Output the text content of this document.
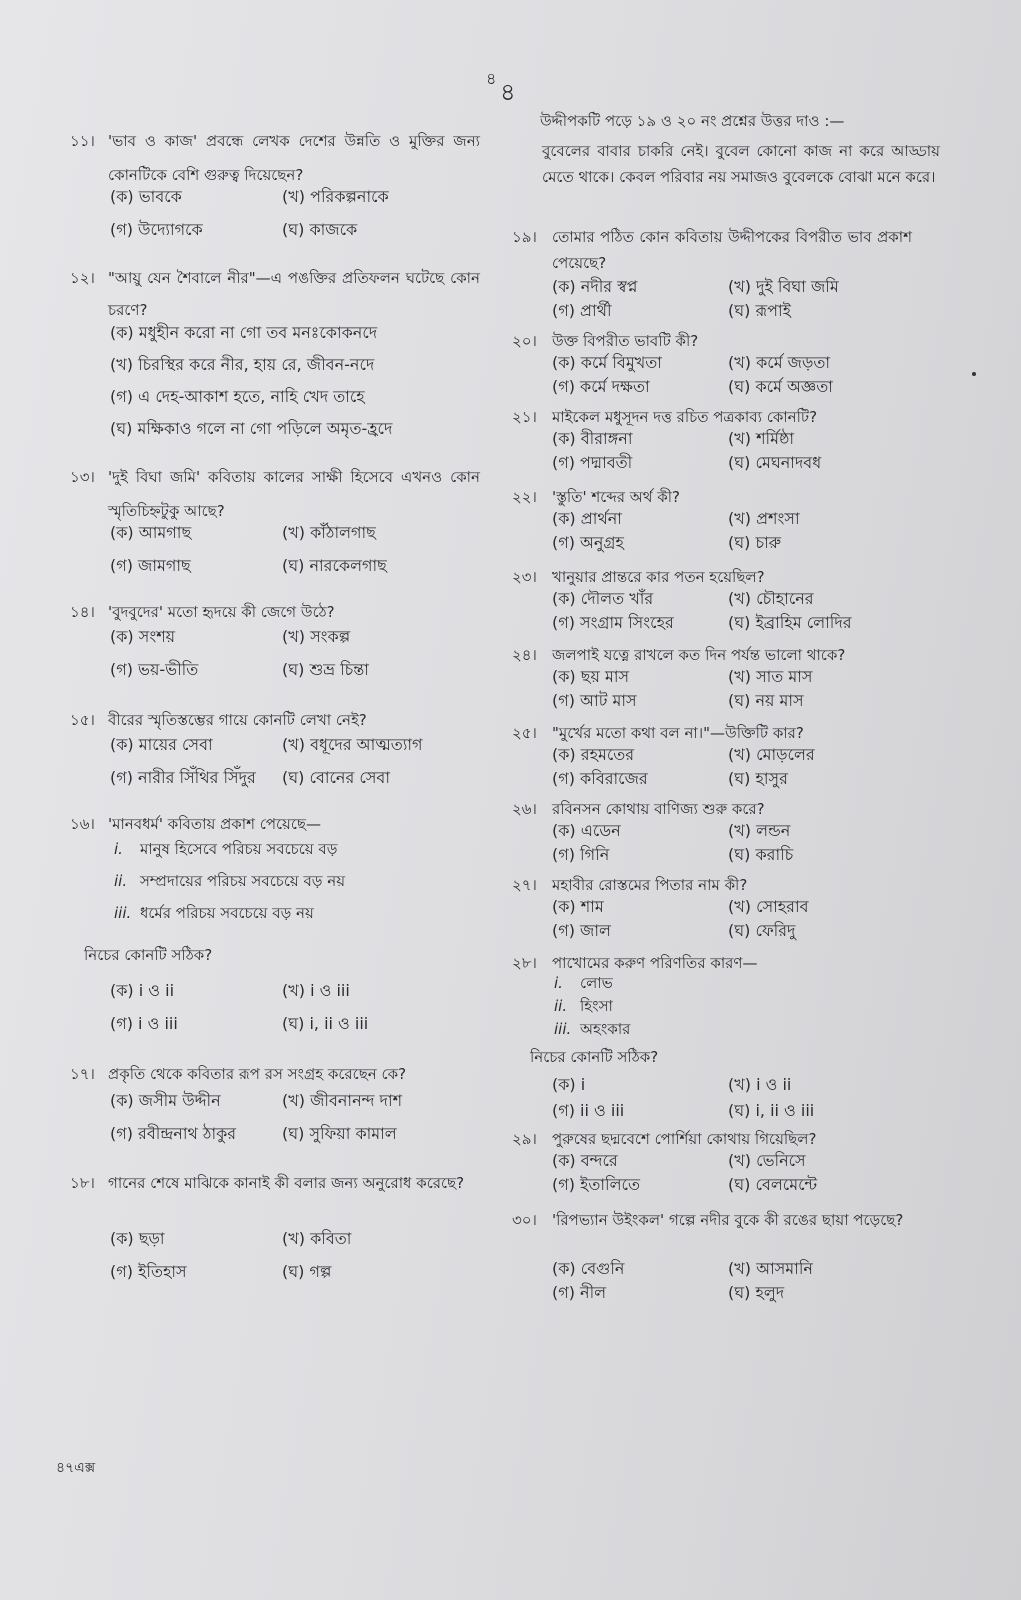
৪ ৪
১১। 'ভাব ও কাজ' প্রবন্ধে লেখক দেশের উন্নতি ও মুক্তির জন্য কোনটিকে বেশি গুরুত্ব দিয়েছেন?
(ক) ভাবকে	(খ) পরিকল্পনাকে
(গ) উদ্যোগকে	(ঘ) কাজকে
১২। "আয়ু যেন শৈবালে নীর"—এ পঙক্তির প্রতিফলন ঘটেছে কোন চরণে?
(ক) মধুহীন করো না গো তব মনঃকোকনদে
(খ) চিরস্থির করে নীর, হায় রে, জীবন-নদে
(গ) এ দেহ-আকাশ হতে, নাহি খেদ তাহে
(ঘ) মক্ষিকাও গলে না গো পড়িলে অমৃত-হ্রদে
১৩। 'দুই বিঘা জমি' কবিতায় কালের সাক্ষী হিসেবে এখনও কোন স্মৃতিচিহ্নটুকু আছে?
(ক) আমগাছ	(খ) কাঁঠালগাছ
(গ) জামগাছ	(ঘ) নারকেলগাছ
১৪। 'বুদবুদের' মতো হৃদয়ে কী জেগে উঠে?
(ক) সংশয়	(খ) সংকল্প
(গ) ভয়-ভীতি	(ঘ) শুভ্র চিন্তা
১৫। বীরের স্মৃতিস্তম্ভের গায়ে কোনটি লেখা নেই?
(ক) মায়ের সেবা	(খ) বধূদের আত্মত্যাগ
(গ) নারীর সিঁথির সিঁদুর (ঘ) বোনের সেবা
১৬। 'মানবধর্ম' কবিতায় প্রকাশ পেয়েছে—
i. মানুষ হিসেবে পরিচয় সবচেয়ে বড়
ii. সম্প্রদায়ের পরিচয় সবচেয়ে বড় নয়
iii. ধর্মের পরিচয় সবচেয়ে বড় নয়
নিচের কোনটি সঠিক?
(ক) i ও ii	(খ) i ও iii
(গ) i ও iii	(ঘ) i, ii ও iii
১৭। প্রকৃতি থেকে কবিতার রূপ রস সংগ্রহ করেছেন কে?
(ক) জসীম উদ্দীন	(খ) জীবনানন্দ দাশ
(গ) রবীন্দ্রনাথ ঠাকুর	(ঘ) সুফিয়া কামাল
১৮। গানের শেষে মাঝিকে কানাই কী বলার জন্য অনুরোধ করেছে?
(ক) ছড়া	(খ) কবিতা
(গ) ইতিহাস	(ঘ) গল্প
১৯।	তোমার পঠিত কোন কবিতায় উদ্দীপকের বিপরীত ভাব প্রকাশ পেয়েছে?
(ক) নদীর স্বপ্ন	(খ) দুই বিঘা জমি
(গ) প্রার্থী	(ঘ) রূপাই
২০।	উক্ত বিপরীত ভাবটি কী?
(ক) কর্মে বিমুখতা	(খ) কর্মে জড়তা
(গ) কর্মে দক্ষতা	(ঘ) কর্মে অজ্ঞতা
২১।	মাইকেল মধুসূদন দত্ত রচিত পত্রকাব্য কোনটি?
(ক) বীরাঙ্গনা	(খ) শর্মিষ্ঠা
(গ) পদ্মাবতী	(ঘ) মেঘনাদবধ
২২।	'স্তুতি' শব্দের অর্থ কী?
(ক) প্রার্থনা	(খ) প্রশংসা
(গ) অনুগ্রহ	(ঘ) চারু
২৩।	খানুয়ার প্রান্তরে কার পতন হয়েছিল?
(ক) দৌলত খাঁর	(খ) চৌহানের
(গ) সংগ্রাম সিংহের	(ঘ) ইব্রাহিম লোদির
২৪।	জলপাই যত্নে রাখলে কত দিন পর্যন্ত ভালো থাকে?
(ক) ছয় মাস	(খ) সাত মাস
(গ) আট মাস	(ঘ) নয় মাস
২৫।	"মুর্খের মতো কথা বল না।"—উক্তিটি কার?
(ক) রহমতের	(খ) মোড়লের
(গ) কবিরাজের	(ঘ) হাসুর
২৬।	রবিনসন কোথায় বাণিজ্য শুরু করে?
(ক) এডেন	(খ) লন্ডন
(গ) গিনি	(ঘ) করাচি
২৭।	মহাবীর রোস্তমের পিতার নাম কী?
(ক) শাম	(খ) সোহরাব
(গ) জাল	(ঘ) ফেরিদু
২৮।	পাখোমের করুণ পরিণতির কারণ—
i. লোভ
ii. হিংসা
iii. অহংকার
নিচের কোনটি সঠিক?
(ক) i	(খ) i ও ii
(গ) ii ও iii	(ঘ) i, ii ও iii
২৯।	পুরুষের ছদ্মবেশে পোর্শিয়া কোথায় গিয়েছিল?
(ক) বন্দরে	(খ) ভেনিসে
(গ) ইতালিতে	(ঘ) বেলমেন্টে
৩০।	'রিপভ্যান উইংকল' গল্পে নদীর বুকে কী রঙের ছায়া পড়েছে?
(ক) বেগুনি	(খ) আসমানি
(গ) নীল	(ঘ) হলুদ
উদ্দীপকটি পড়ে ১৯ ও ২০ নং প্রশ্নের উত্তর দাও :—
বুবেলের বাবার চাকরি নেই। বুবেল কোনো কাজ না করে আড্ডায় মেতে থাকে। কেবল পরিবার নয় সমাজও বুবেলকে বোঝা মনে করে।
৪৭এক্স
